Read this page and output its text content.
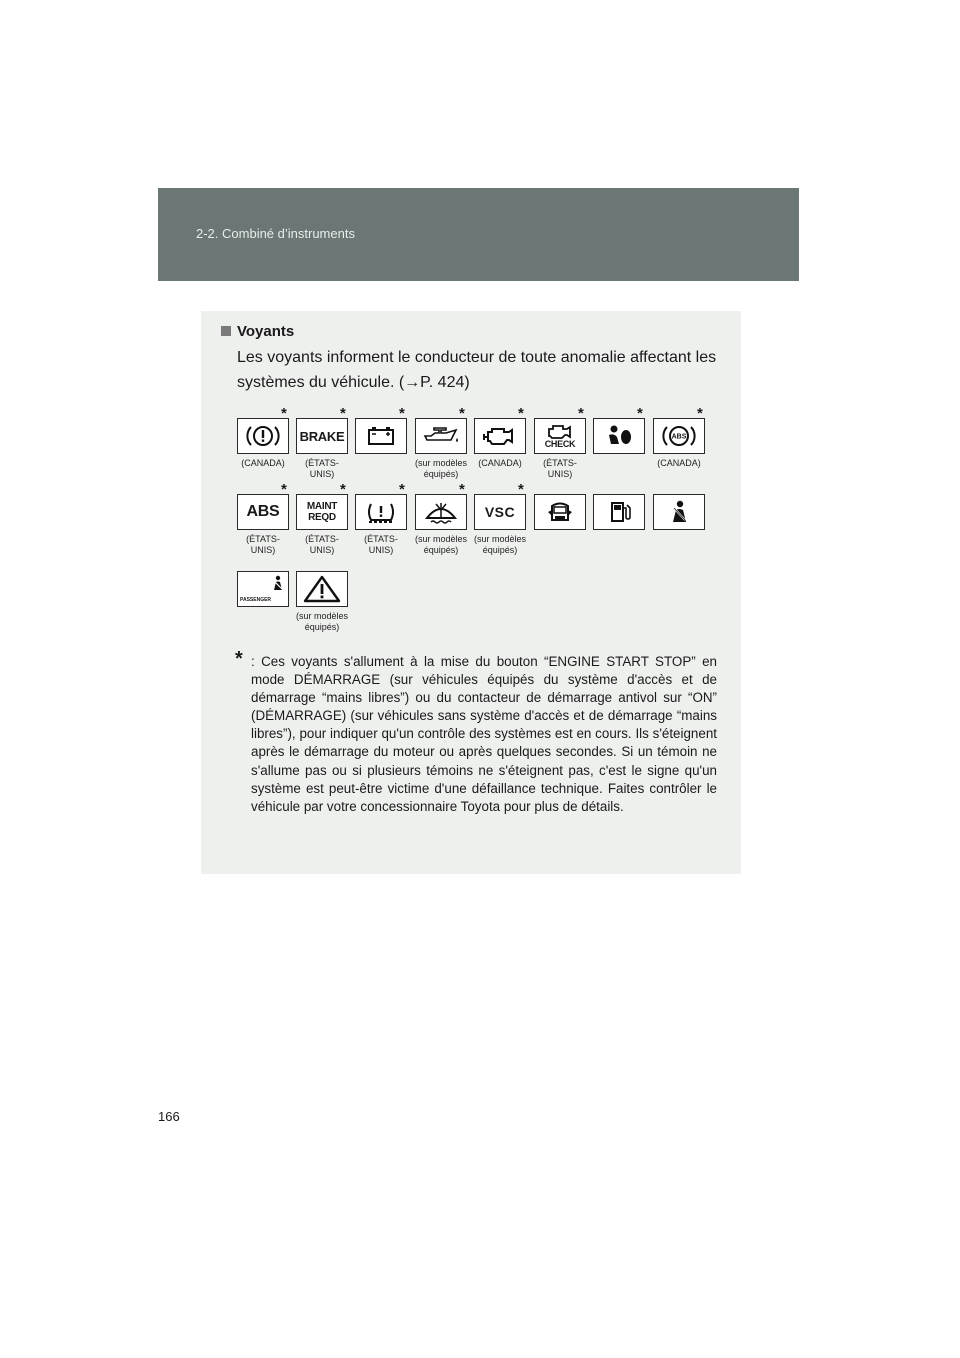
2-2. Combiné d’instruments
Voyants
Les voyants informent le conducteur de toute anomalie affectant les systèmes du véhicule. (→P. 424)
*
(CANADA)
BRAKE
*
(ÉTATS-
UNIS)
*	*
(sur modèles
équipés)
*
(CANADA)
CHECK
*
(ÉTATS-
UNIS)
*
ABS
*
(CANADA)
ABS
*
(ÉTATS-
UNIS)
MAINT
REQD
*
(ÉTATS-
UNIS)
*
(ÉTATS-
UNIS)
*
(sur modèles
équipés)
VSC
*
(sur modèles
équipés)
PASSENGER
(sur modèles
équipés)
* : Ces voyants s'allument à la mise du bouton “ENGINE START STOP” en mode DÉMARRAGE (sur véhicules équipés du système d'accès et de démarrage “mains libres”) ou du contacteur de démarrage antivol sur “ON” (DÉMARRAGE) (sur véhicules sans système d'accès et de démarrage “mains libres”), pour indiquer qu'un contrôle des systèmes est en cours. Ils s'éteignent après le démarrage du moteur ou après quelques secondes. Si un témoin ne s'allume pas ou si plusieurs témoins ne s'éteignent pas, c'est le signe qu'un système est peut-être victime d'une défaillance technique. Faites contrôler le véhicule par votre concessionnaire Toyota pour plus de détails.
166
